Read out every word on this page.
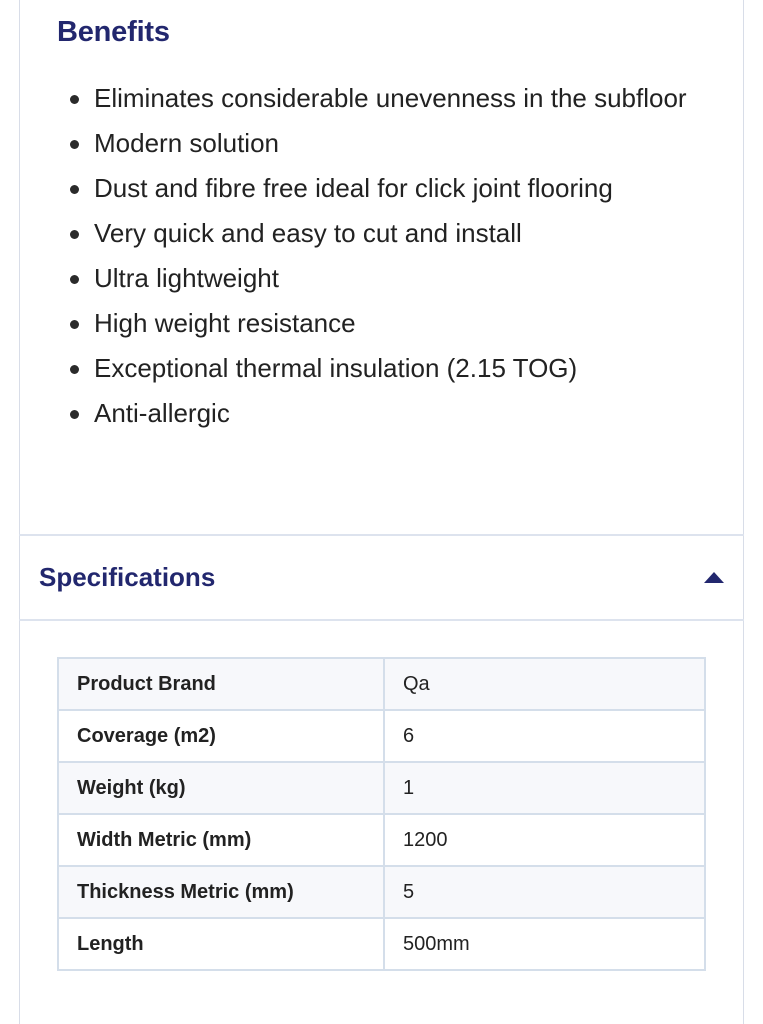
Benefits
Eliminates considerable unevenness in the subfloor
Modern solution
Dust and fibre free ideal for click joint flooring
Very quick and easy to cut and install
Ultra lightweight
High weight resistance
Exceptional thermal insulation (2.15 TOG)
Anti-allergic
Specifications
Product Brand	Qa
Coverage (m2)	6
Weight (kg)	1
Width Metric (mm)	1200
Thickness Metric (mm)	5
Length	500mm
